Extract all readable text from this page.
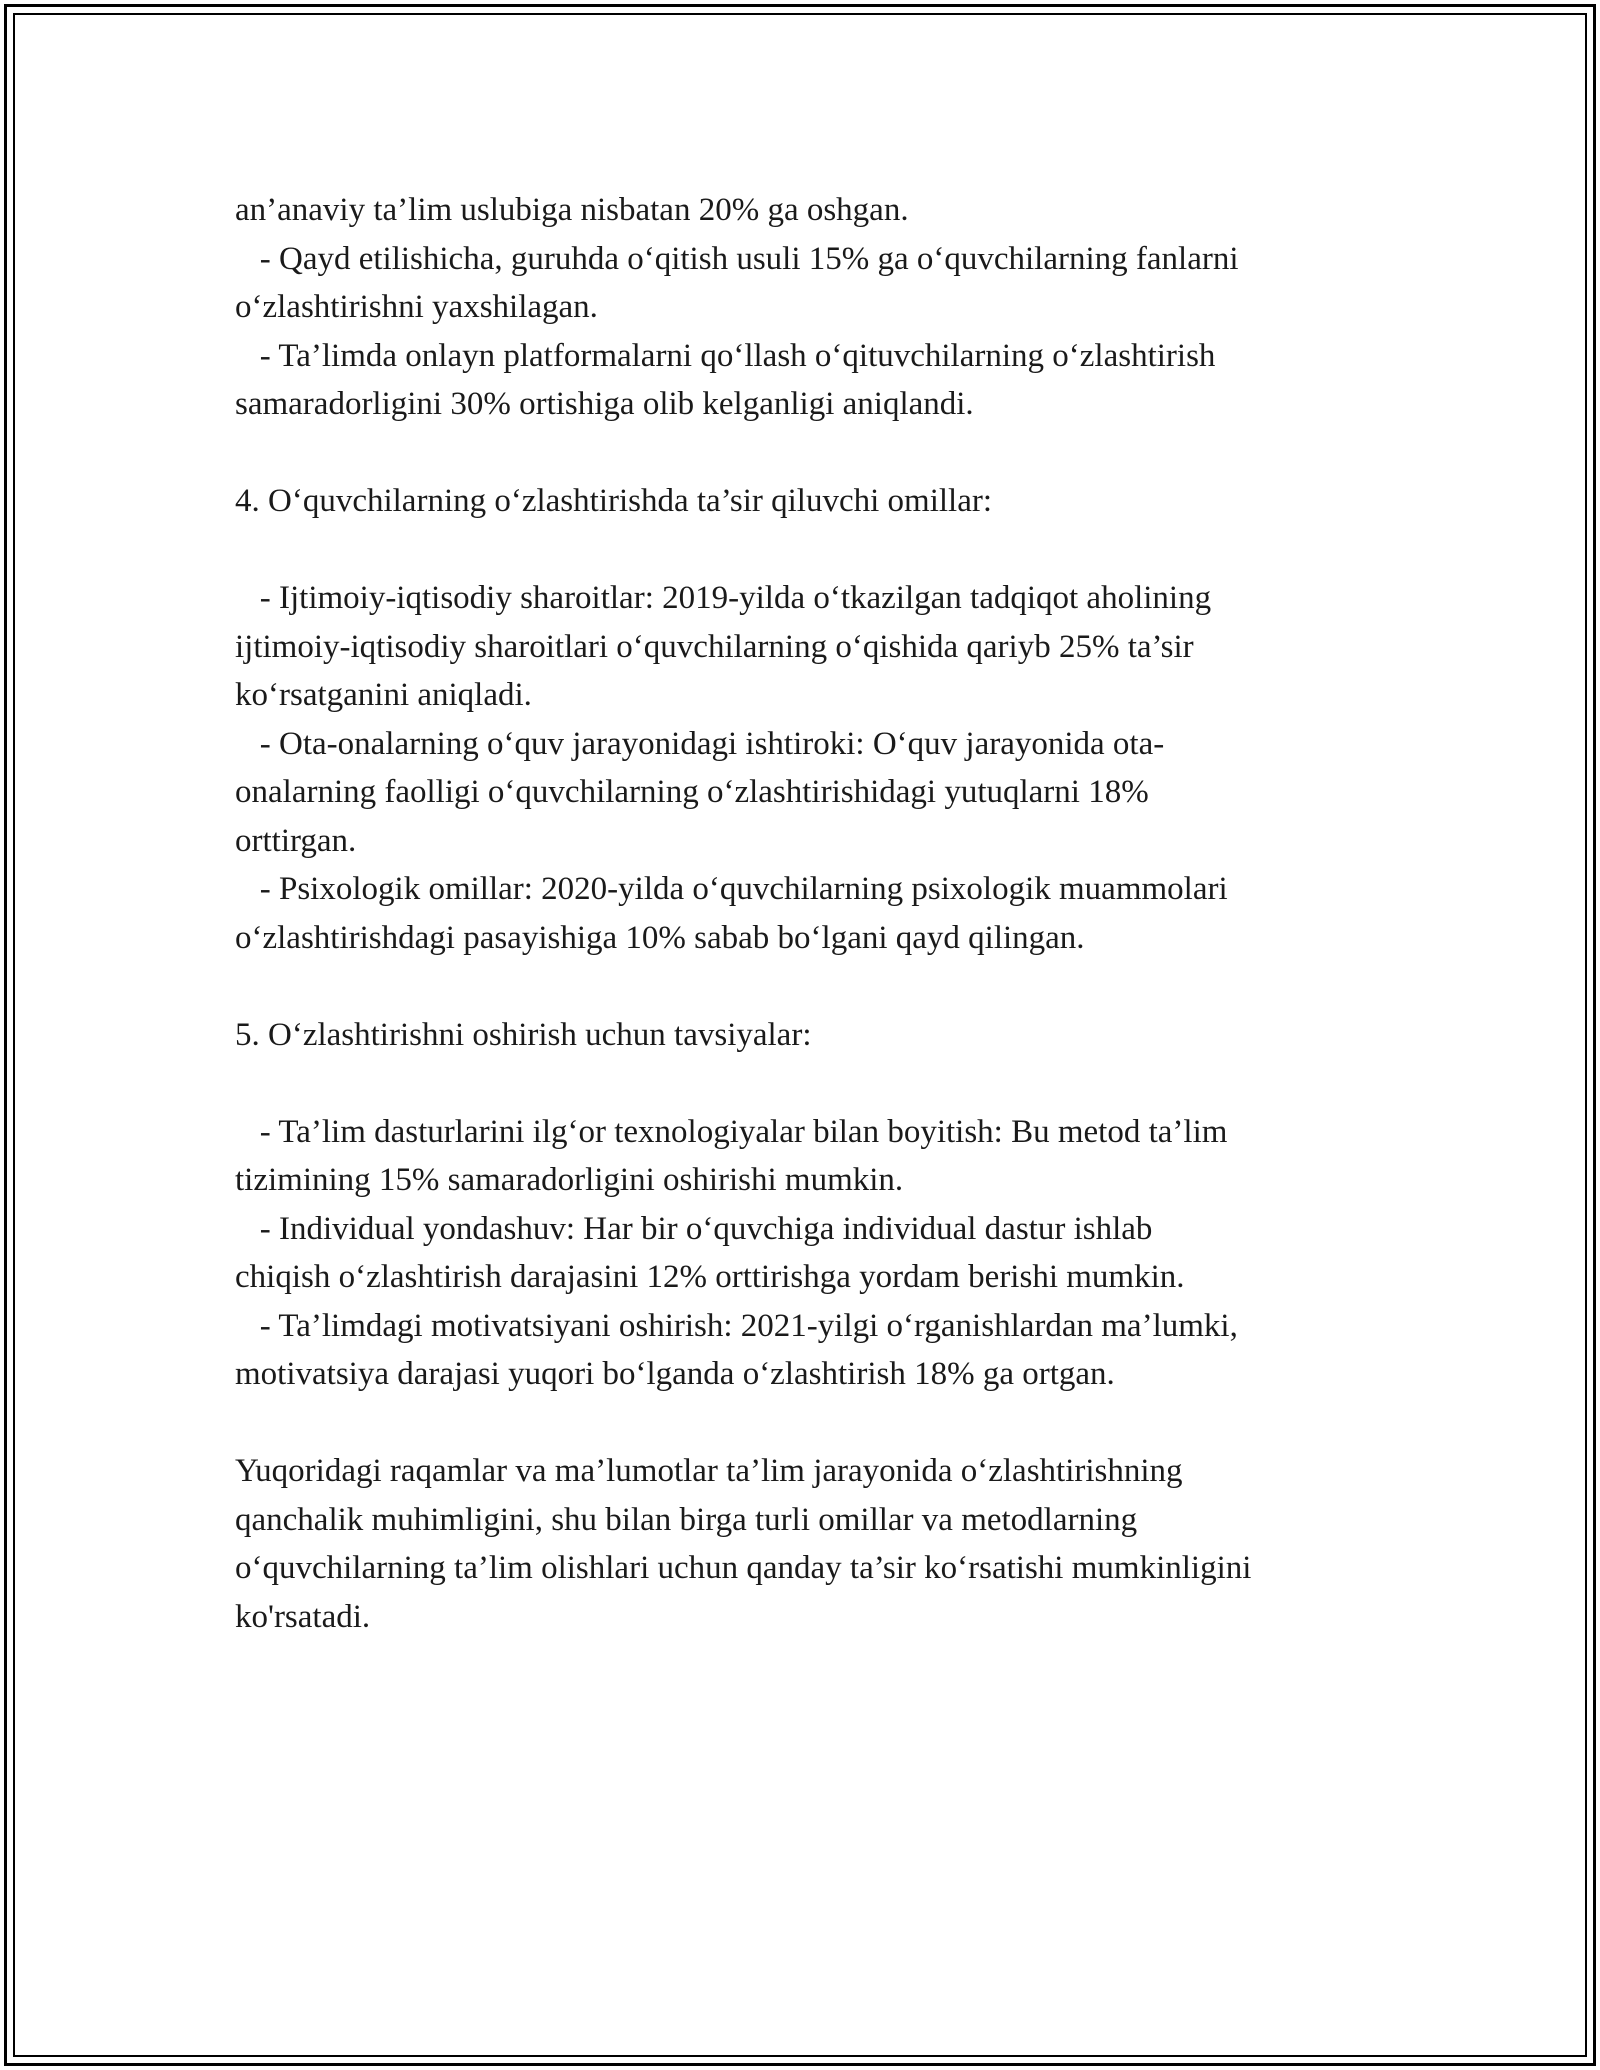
an’anaviy ta’lim uslubiga nisbatan 20% ga oshgan.
- Qayd etilishicha, guruhda o‘qitish usuli 15% ga o‘quvchilarning fanlarni
o‘zlashtirishni yaxshilagan.
- Ta’limda onlayn platformalarni qo‘llash o‘qituvchilarning o‘zlashtirish
samaradorligini 30% ortishiga olib kelganligi aniqlandi.
4. O‘quvchilarning o‘zlashtirishda ta’sir qiluvchi omillar:
- Ijtimoiy-iqtisodiy sharoitlar: 2019-yilda o‘tkazilgan tadqiqot aholining
ijtimoiy-iqtisodiy sharoitlari o‘quvchilarning o‘qishida qariyb 25% ta’sir
ko‘rsatganini aniqladi.
- Ota-onalarning o‘quv jarayonidagi ishtiroki: O‘quv jarayonida ota-
onalarning faolligi o‘quvchilarning o‘zlashtirishidagi yutuqlarni 18%
orttirgan.
- Psixologik omillar: 2020-yilda o‘quvchilarning psixologik muammolari
o‘zlashtirishdagi pasayishiga 10% sabab bo‘lgani qayd qilingan.
5. O‘zlashtirishni oshirish uchun tavsiyalar:
- Ta’lim dasturlarini ilg‘or texnologiyalar bilan boyitish: Bu metod ta’lim
tizimining 15% samaradorligini oshirishi mumkin.
- Individual yondashuv: Har bir o‘quvchiga individual dastur ishlab
chiqish o‘zlashtirish darajasini 12% orttirishga yordam berishi mumkin.
- Ta’limdagi motivatsiyani oshirish: 2021-yilgi o‘rganishlardan ma’lumki,
motivatsiya darajasi yuqori bo‘lganda o‘zlashtirish 18% ga ortgan.
Yuqoridagi raqamlar va ma’lumotlar ta’lim jarayonida o‘zlashtirishning
qanchalik muhimligini, shu bilan birga turli omillar va metodlarning
o‘quvchilarning ta’lim olishlari uchun qanday ta’sir ko‘rsatishi mumkinligini
ko'rsatadi.
